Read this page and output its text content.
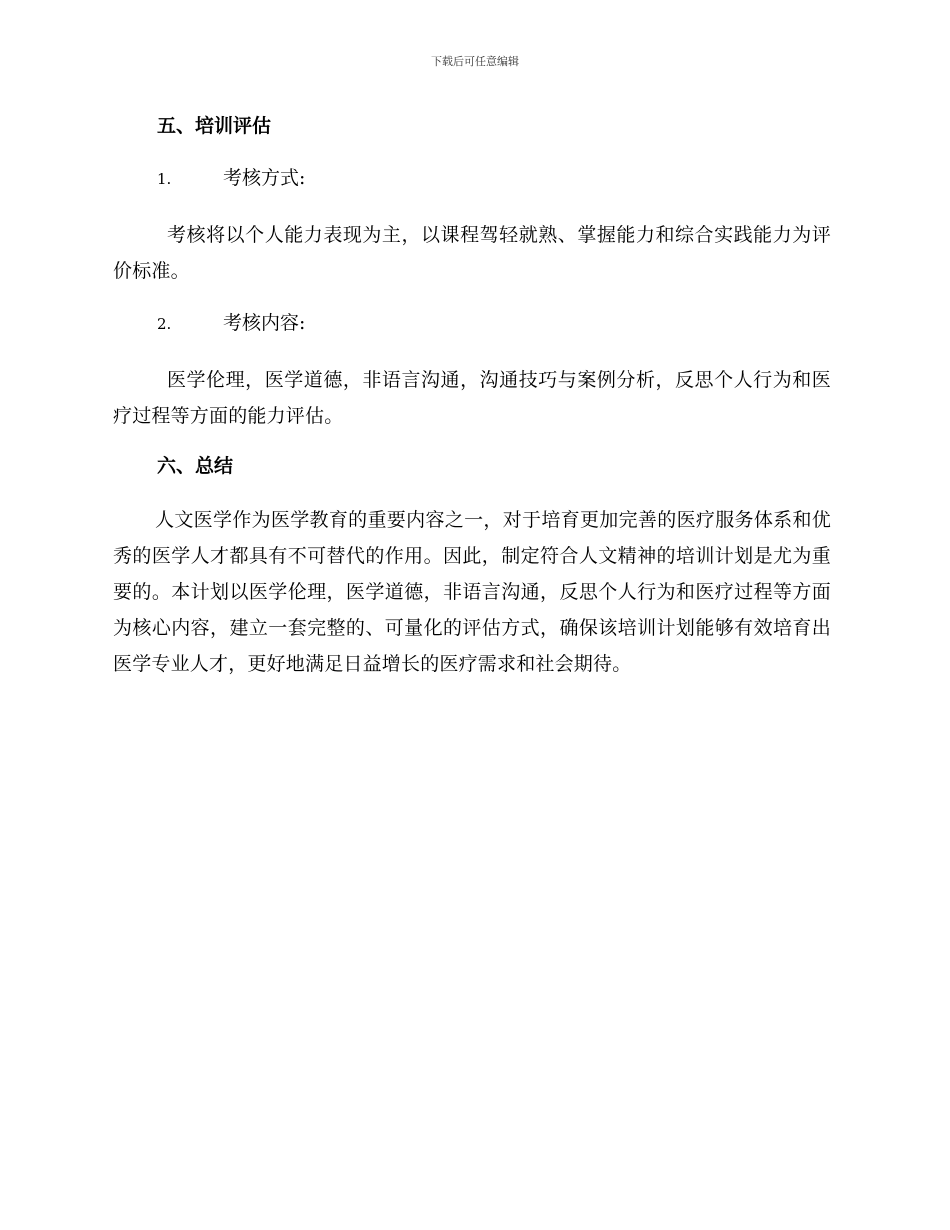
下载后可任意编辑
五、培训评估
1.	考核方式:

考核将以个人能力表现为主，以课程驾轻就熟、掌握能力和综合实践能力为评价标准。

2.	考核内容:

医学伦理，医学道德，非语言沟通，沟通技巧与案例分析，反思个人行为和医疗过程等方面的能力评估。

六、总结

人文医学作为医学教育的重要内容之一，对于培育更加完善的医疗服务体系和优秀的医学人才都具有不可替代的作用。因此，制定符合人文精神的培训计划是尤为重要的。本计划以医学伦理，医学道德，非语言沟通，反思个人行为和医疗过程等方面为核心内容，建立一套完整的、可量化的评估方式，确保该培训计划能够有效培育出医学专业人才，更好地满足日益增长的医疗需求和社会期待。
